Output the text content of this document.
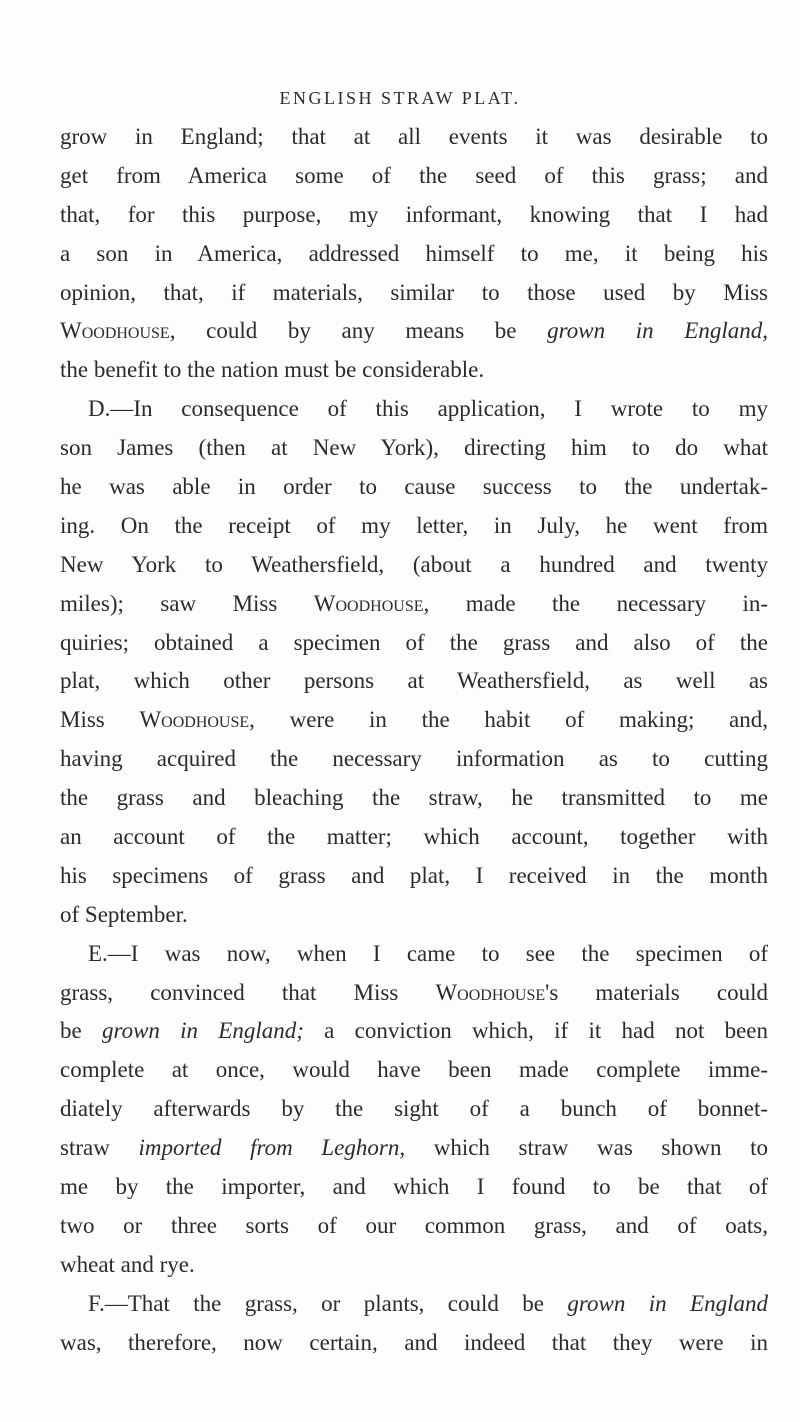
ENGLISH STRAW PLAT.
grow in England; that at all events it was desirable to
get from America some of the seed of this grass; and
that, for this purpose, my informant, knowing that I had
a son in America, addressed himself to me, it being his
opinion, that, if materials, similar to those used by Miss
Woodhouse, could by any means be grown in England,
the benefit to the nation must be considerable.
D.—In consequence of this application, I wrote to my
son James (then at New York), directing him to do what
he was able in order to cause success to the undertak-
ing. On the receipt of my letter, in July, he went from
New York to Weathersfield, (about a hundred and twenty
miles); saw Miss Woodhouse, made the necessary in-
quiries; obtained a specimen of the grass and also of the
plat, which other persons at Weathersfield, as well as
Miss Woodhouse, were in the habit of making; and,
having acquired the necessary information as to cutting
the grass and bleaching the straw, he transmitted to me
an account of the matter; which account, together with
his specimens of grass and plat, I received in the month
of September.
E.—I was now, when I came to see the specimen of
grass, convinced that Miss Woodhouse's materials could
be grown in England; a conviction which, if it had not been
complete at once, would have been made complete imme-
diately afterwards by the sight of a bunch of bonnet-
straw imported from Leghorn, which straw was shown to
me by the importer, and which I found to be that of
two or three sorts of our common grass, and of oats,
wheat and rye.
F.—That the grass, or plants, could be grown in England
was, therefore, now certain, and indeed that they were in
